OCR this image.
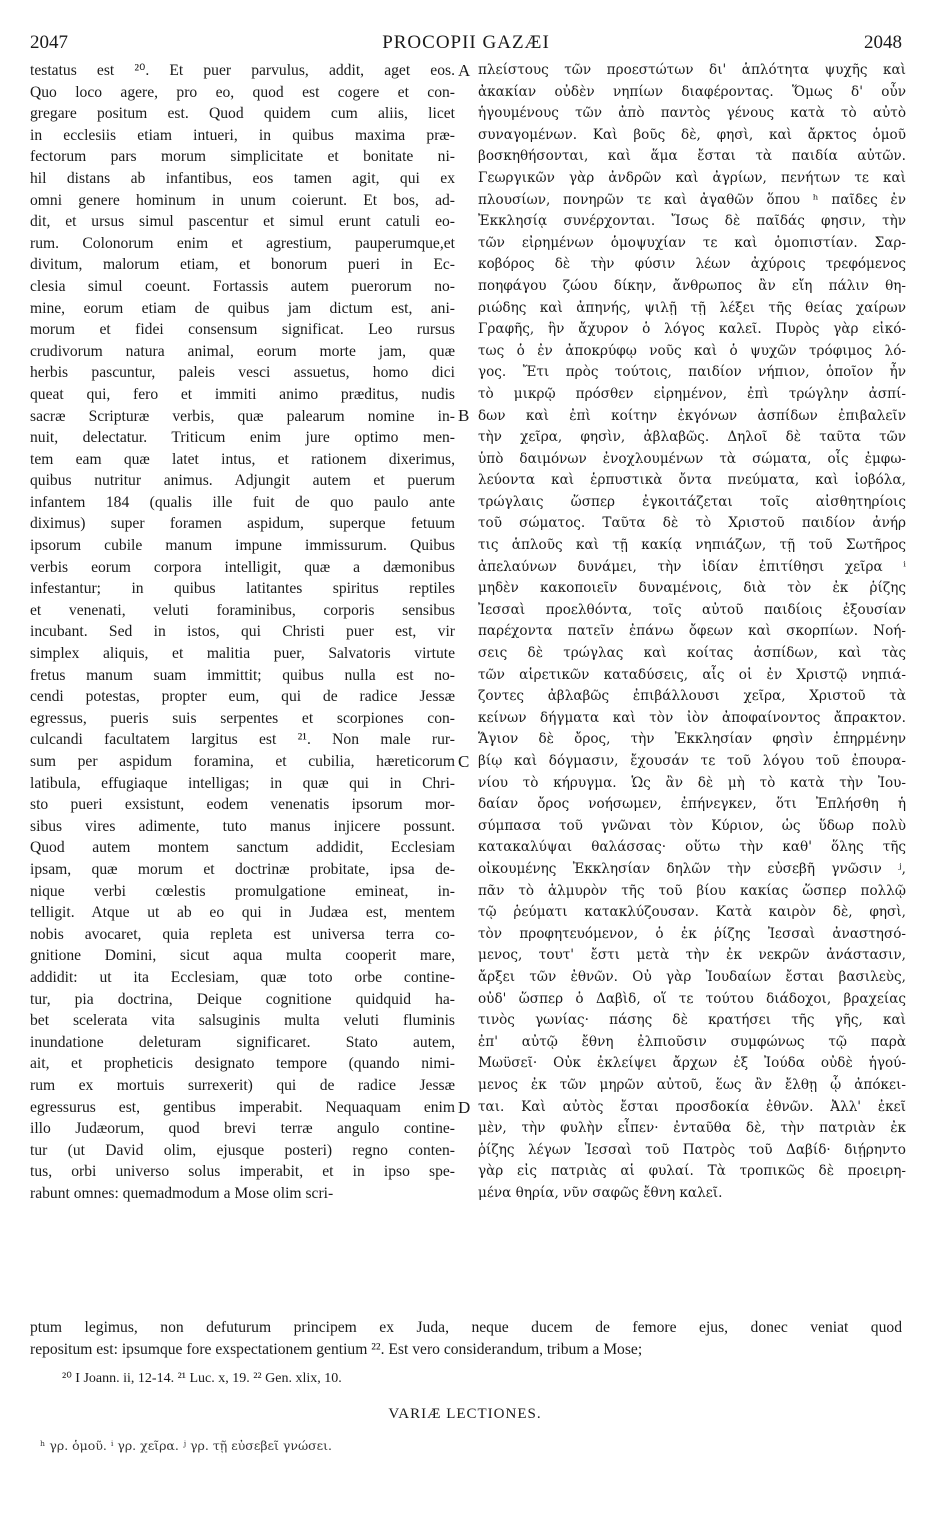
2047	PROCOPII GAZÆI	2048
testatus est ²⁰. Et puer parvulus, addit, aget eos.
Quo loco agere, pro eo, quod est cogere et con-
gregare positum est. Quod quidem cum aliis, licet
in ecclesiis etiam intueri, in quibus maxima præ-
fectorum pars morum simplicitate et bonitate ni-
hil distans ab infantibus, eos tamen agit, qui ex
omni genere hominum in unum coierunt. Et bos, ad-
dit, et ursus simul pascentur et simul erunt catuli eo-
rum. Colonorum enim et agrestium, pauperumque,et
divitum, malorum etiam, et bonorum pueri in Ec-
clesia simul coeunt. Fortassis autem puerorum no-
mine, eorum etiam de quibus jam dictum est, ani-
morum et fidei consensum significat. Leo rursus
crudivorum natura animal, eorum morte jam, quæ
herbis pascuntur, paleis vesci assuetus, homo dici
queat qui, fero et immiti animo præditus, nudis
sacræ Scripturæ verbis, quæ palearum nomine in-
nuit, delectatur. Triticum enim jure optimo men-
tem eam quæ latet intus, et rationem dixerimus,
quibus nutritur animus. Adjungit autem et puerum
infantem 184 (qualis ille fuit de quo paulo ante
diximus) super foramen aspidum, superque fetuum
ipsorum cubile manum impune immissurum. Quibus
verbis eorum corpora intelligit, quæ a dæmonibus
infestantur; in quibus latitantes spiritus reptiles
et venenati, veluti foraminibus, corporis sensibus
incubant. Sed in istos, qui Christi puer est, vir
simplex aliquis, et malitia puer, Salvatoris virtute
fretus manum suam immittit; quibus nulla est no-
cendi potestas, propter eum, qui de radice Jessæ
egressus, pueris suis serpentes et scorpiones con-
culcandi facultatem largitus est ²¹. Non male rur-
sum per aspidum foramina, et cubilia, hæreticorum
latibula, effugiaque intelligas; in quæ qui in Chri-
sto pueri exsistunt, eodem venenatis ipsorum mor-
sibus vires adimente, tuto manus injicere possunt.
Quod autem montem sanctum addidit, Ecclesiam
ipsam, quæ morum et doctrinæ probitate, ipsa de-
nique verbi cœlestis promulgatione emineat, in-
telligit. Atque ut ab eo qui in Judæa est, mentem
nobis avocaret, quia repleta est universa terra co-
gnitione Domini, sicut aqua multa cooperit mare,
addidit: ut ita Ecclesiam, quæ toto orbe contine-
tur, pia doctrina, Deique cognitione quidquid ha-
bet scelerata vita salsuginis multa veluti fluminis
inundatione deleturam significaret. Stato autem,
ait, et propheticis designato tempore (quando nimi-
rum ex mortuis surrexerit) qui de radice Jessæ
egressurus est, gentibus imperabit. Nequaquam enim
illo Judæorum, quod brevi terræ angulo contine-
tur (ut David olim, ejusque posteri) regno conten-
tus, orbi universo solus imperabit, et in ipso spe-
rabunt omnes: quemadmodum a Mose olim scri-
πλείστους τῶν προεστώτων δι' ἁπλότητα ψυχῆς καὶ
ἀκακίαν οὐδὲν νηπίων διαφέροντας. Ὅμως δ' οὖν
ἡγουμένους τῶν ἀπὸ παντὸς γένους κατὰ τὸ αὐτὸ
συναγομένων. Καὶ βοῦς δὲ, φησὶ, καὶ ἄρκτος ὁμοῦ
βοσκηθήσονται, καὶ ἅμα ἔσται τὰ παιδία αὐτῶν.
Γεωργικῶν γὰρ ἀνδρῶν καὶ ἀγρίων, πενήτων τε καὶ
πλουσίων, πονηρῶν τε καὶ ἀγαθῶν ὅπου ʰ παῖδες ἐν
Ἐκκλησίᾳ συνέρχονται. Ἴσως δὲ παῖδάς φησιν, τὴν
τῶν εἰρημένων ὁμοψυχίαν τε καὶ ὁμοπιστίαν. Σαρ-
κοβόρος δὲ τὴν φύσιν λέων ἀχύροις τρεφόμενος
ποηφάγου ζώου δίκην, ἄνθρωπος ἂν εἴη πάλιν θη-
ριώδης καὶ ἀπηνής, ψιλῇ τῇ λέξει τῆς θείας χαίρων
Γραφῆς, ἣν ἄχυρον ὁ λόγος καλεῖ. Πυρὸς γὰρ εἰκό-
τως ὁ ἐν ἀποκρύφῳ νοῦς καὶ ὁ ψυχῶν τρόφιμος λό-
γος. Ἔτι πρὸς τούτοις, παιδίον νήπιον, ὁποῖον ἦν
τὸ μικρῷ πρόσθεν εἰρημένον, ἐπὶ τρώγλην ἀσπί-
δων καὶ ἐπὶ κοίτην ἐκγόνων ἀσπίδων ἐπιβαλεῖν
τὴν χεῖρα, φησὶν, ἀβλαβῶς. Δηλοῖ δὲ ταῦτα τῶν
ὑπὸ δαιμόνων ἐνοχλουμένων τὰ σώματα, οἷς ἐμφω-
λεύοντα καὶ ἑρπυστικὰ ὄντα πνεύματα, καὶ ἰοβόλα,
τρώγλαις ὥσπερ ἐγκοιτάζεται τοῖς αἰσθητηρίοις
τοῦ σώματος. Ταῦτα δὲ τὸ Χριστοῦ παιδίον ἀνήρ
τις ἁπλοῦς καὶ τῇ κακίᾳ νηπιάζων, τῇ τοῦ Σωτῆρος
ἀπελαύνων δυνάμει, τὴν ἰδίαν ἐπιτίθησι χεῖρα ⁱ
μηδὲν κακοποιεῖν δυναμένοις, διὰ τὸν ἐκ ῥίζης
Ἰεσσαὶ προελθόντα, τοῖς αὐτοῦ παιδίοις ἐξουσίαν
παρέχοντα πατεῖν ἐπάνω ὄφεων καὶ σκορπίων. Νοή-
σεις δὲ τρώγλας καὶ κοίτας ἀσπίδων, καὶ τὰς
τῶν αἱρετικῶν καταδύσεις, αἷς οἱ ἐν Χριστῷ νηπιά-
ζοντες ἀβλαβῶς ἐπιβάλλουσι χεῖρα, Χριστοῦ τὰ
κείνων δήγματα καὶ τὸν ἰὸν ἀποφαίνοντος ἄπρακτον.
Ἅγιον δὲ ὄρος, τὴν Ἐκκλησίαν φησὶν ἐπηρμένην
βίῳ καὶ δόγμασιν, ἔχουσάν τε τοῦ λόγου τοῦ ἐπουρα-
νίου τὸ κήρυγμα. Ὡς ἂν δὲ μὴ τὸ κατὰ τὴν Ἰου-
δαίαν ὄρος νοήσωμεν, ἐπήνεγκεν, ὅτι Ἐπλήσθη ἡ
σύμπασα τοῦ γνῶναι τὸν Κύριον, ὡς ὕδωρ πολὺ
κατακαλύψαι θαλάσσας· οὕτω τὴν καθ' ὅλης τῆς
οἰκουμένης Ἐκκλησίαν δηλῶν τὴν εὐσεβῆ γνῶσιν ʲ,
πᾶν τὸ ἁλμυρὸν τῆς τοῦ βίου κακίας ὥσπερ πολλῷ
τῷ ῥεύματι κατακλύζουσαν. Κατὰ καιρὸν δὲ, φησὶ,
τὸν προφητευόμενον, ὁ ἐκ ῥίζης Ἰεσσαὶ ἀναστησό-
μενος, τουτ' ἔστι μετὰ τὴν ἐκ νεκρῶν ἀνάστασιν,
ἄρξει τῶν ἐθνῶν. Οὐ γὰρ Ἰουδαίων ἔσται βασιλεὺς,
οὐδ' ὥσπερ ὁ Δαβὶδ, οἵ τε τούτου διάδοχοι, βραχείας
τινὸς γωνίας· πάσης δὲ κρατήσει τῆς γῆς, καὶ
ἐπ' αὐτῷ ἔθνη ἐλπιοῦσιν συμφώνως τῷ παρὰ
Μωϋσεῖ· Οὐκ ἐκλείψει ἄρχων ἐξ Ἰούδα οὐδὲ ἡγού-
μενος ἐκ τῶν μηρῶν αὐτοῦ, ἕως ἂν ἔλθῃ ᾧ ἀπόκει-
ται. Καὶ αὐτὸς ἔσται προσδοκία ἐθνῶν. Ἀλλ' ἐκεῖ
μὲν, τὴν φυλὴν εἶπεν· ἐνταῦθα δὲ, τὴν πατριὰν ἐκ
ῥίζης λέγων Ἰεσσαὶ τοῦ Πατρὸς τοῦ Δαβίδ· διῄρηντο
γὰρ εἰς πατριὰς αἱ φυλαί. Τὰ τροπικῶς δὲ προειρη-
μένα θηρία, νῦν σαφῶς ἔθνη καλεῖ.
A
B
C
D
ptum legimus, non defuturum principem ex Juda, neque ducem de femore ejus, donec veniat quod
repositum est: ipsumque fore exspectationem gentium ²². Est vero considerandum, tribum a Mose;
²⁰ I Joann. ii, 12-14. ²¹ Luc. x, 19. ²² Gen. xlix, 10.
VARIÆ LECTIONES.
ʰ γρ. ὁμοῦ. ⁱ γρ. χεῖρα. ʲ γρ. τῇ εὐσεβεῖ γνώσει.
